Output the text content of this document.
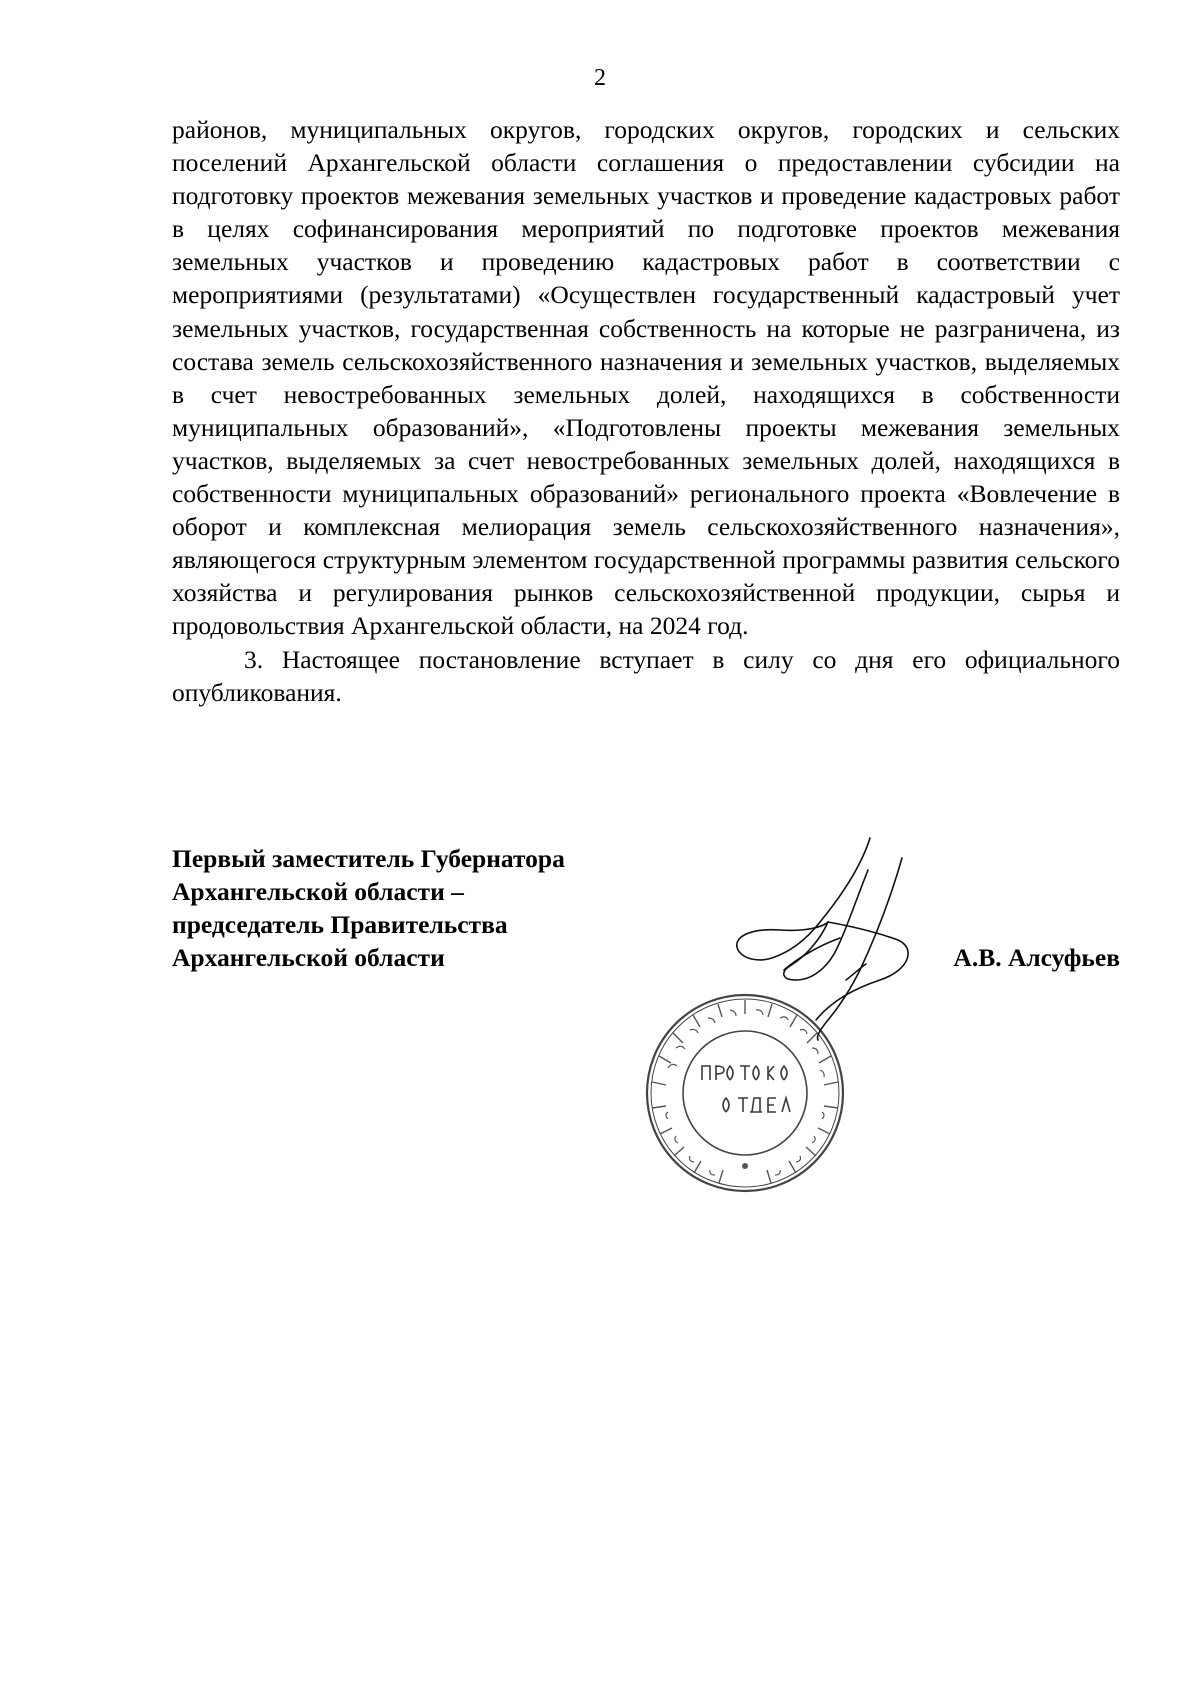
2

районов, муниципальных округов, городских округов, городских и сельских поселений Архангельской области соглашения о предоставлении субсидии на подготовку проектов межевания земельных участков и проведение кадастровых работ в целях софинансирования мероприятий по подготовке проектов межевания земельных участков и проведению кадастровых работ в соответствии с мероприятиями (результатами) «Осуществлен государственный кадастровый учет земельных участков, государственная собственность на которые не разграничена, из состава земель сельскохозяйственного назначения и земельных участков, выделяемых в счет невостребованных земельных долей, находящихся в собственности муниципальных образований», «Подготовлены проекты межевания земельных участков, выделяемых за счет невостребованных земельных долей, находящихся в собственности муниципальных образований» регионального проекта «Вовлечение в оборот и комплексная мелиорация земель сельскохозяйственного назначения», являющегося структурным элементом государственной программы развития сельского хозяйства и регулирования рынков сельскохозяйственной продукции, сырья и продовольствия Архангельской области, на 2024 год.

3. Настоящее постановление вступает в силу со дня его официального опубликования.

Первый заместитель Губернатора
Архангельской области –
председатель Правительства
Архангельской области	А.В. Алсуфьев
